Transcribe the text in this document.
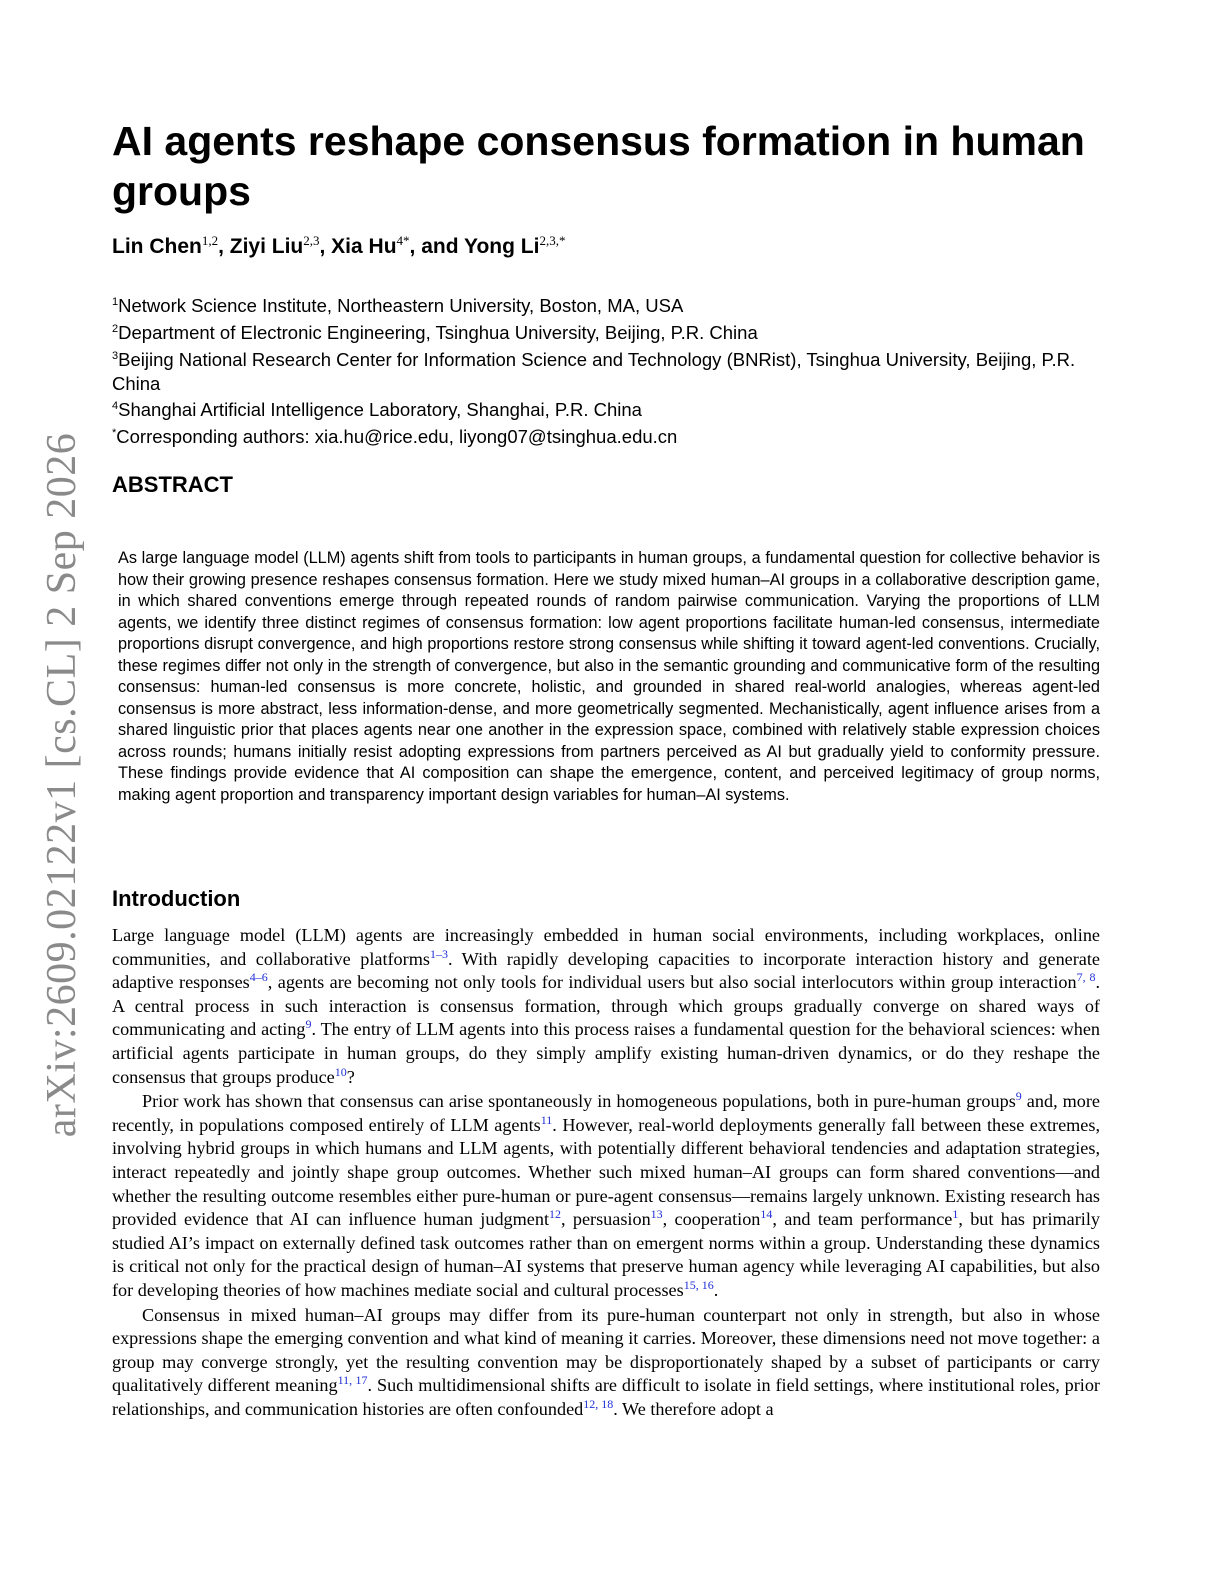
arXiv:2609.02122v1 [cs.CL] 2 Sep 2026
AI agents reshape consensus formation in human groups
Lin Chen$^{1,2}$, Ziyi Liu$^{2,3}$, Xia $Hu^{4*}$, and Yong $Li^{2,3,*}$
$^1$Network Science Institute, Northeastern University, Boston, MA, USA
$^2$Department of Electronic Engineering, Tsinghua University, Beijing, P.R. China
$^3$Beijing National Research Center for Information Science and Technology (BNRist), Tsinghua University, Beijing, P.R. China
$^4$Shanghai Artificial Intelligence Laboratory, Shanghai, P.R. China
*Corresponding authors: xia.hu@rice.edu, liyong07@tsinghua.edu.cn
ABSTRACT

As large language model (LLM) agents shift from tools to participants in human groups, a fundamental question for collective behavior is how their growing presence reshapes consensus formation. Here we study mixed human–AI groups in a collaborative description game, in which shared conventions emerge through repeated rounds of random pairwise communication. Varying the proportions of LLM agents, we identify three distinct regimes of consensus formation: low agent proportions facilitate human-led consensus, intermediate proportions disrupt convergence, and high proportions restore strong consensus while shifting it toward agent-led conventions. Crucially, these regimes differ not only in the strength of convergence, but also in the semantic grounding and communicative form of the resulting consensus: human-led consensus is more concrete, holistic, and grounded in shared real-world analogies, whereas agent-led consensus is more abstract, less information-dense, and more geometrically segmented. Mechanistically, agent influence arises from a shared linguistic prior that places agents near one another in the expression space, combined with relatively stable expression choices across rounds; humans initially resist adopting expressions from partners perceived as AI but gradually yield to conformity pressure. These findings provide evidence that AI composition can shape the emergence, content, and perceived legitimacy of group norms, making agent proportion and transparency important design variables for human–AI systems.

Introduction

Large language model (LLM) agents are increasingly embedded in human social environments, including workplaces, online communities, and collaborative platforms$^{1-3}$. With rapidly developing capacities to incorporate interaction history and generate adaptive responses$^{4-6}$, agents are becoming not only tools for individual users but also social interlocutors within group interaction$^{7, 8}$. A central process in such interaction is consensus formation, through which groups gradually converge on shared ways of communicating and acting$^9$. The entry of LLM agents into this process raises a fundamental question for the behavioral sciences: when artificial agents participate in human groups, do they simply amplify existing human-driven dynamics, or do they reshape the consensus that groups produce$^{10}$?

Prior work has shown that consensus can arise spontaneously in homogeneous populations, both in pure-human groups$^9$ and, more recently, in populations composed entirely of LLM agents$^{11}$. However, real-world deployments generally fall between these extremes, involving hybrid groups in which humans and LLM agents, with potentially different behavioral tendencies and adaptation strategies, interact repeatedly and jointly shape group outcomes. Whether such mixed human–AI groups can form shared conventions—and whether the resulting outcome resembles either pure-human or pure-agent consensus—remains largely unknown. Existing research has provided evidence that AI can influence human judgment$^{12}$, persuasion$^{13}$, cooperation$^{14}$, and team performance$^1$, but has primarily studied AI’s impact on externally defined task outcomes rather than on emergent norms within a group. Understanding these dynamics is critical not only for the practical design of human–AI systems that preserve human agency while leveraging AI capabilities, but also for developing theories of how machines mediate social and cultural processes$^{15, 16}$.

Consensus in mixed human–AI groups may differ from its pure-human counterpart not only in strength, but also in whose expressions shape the emerging convention and what kind of meaning it carries. Moreover, these dimensions need not move together: a group may converge strongly, yet the resulting convention may be disproportionately shaped by a subset of participants or carry qualitatively different meaning$^{11, 17}$. Such multidimensional shifts are difficult to isolate in field settings, where institutional roles, prior relationships, and communication histories are often confounded$^{12, 18}$. We therefore adopt a
